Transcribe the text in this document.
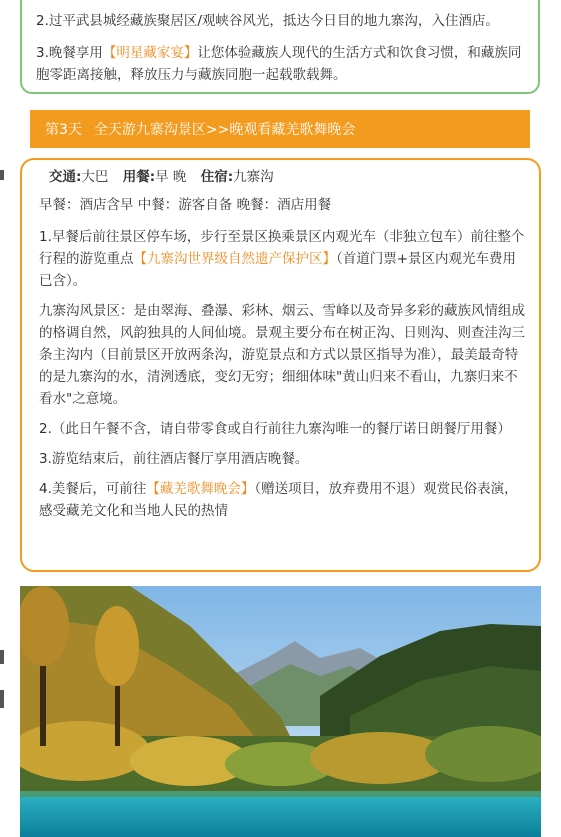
2.过平武县城经藏族聚居区/观峡谷风光，抵达今日目的地九寨沟，入住酒店。

3.晚餐享用【明星藏家宴】让您体验藏族人现代的生活方式和饮食习惯，和藏族同胞零距离接触，释放压力与藏族同胞一起载歌载舞。

第3天 全天游九寨沟景区>>晚观看藏羌歌舞晚会
交通:大巴 用餐:早 晚 住宿:九寨沟
早餐：酒店含早 中餐：游客自备 晚餐：酒店用餐

1.早餐后前往景区停车场，步行至景区换乘景区内观光车（非独立包车）前往整个行程的游览重点【九寨沟世界级自然遗产保护区】（首道门票+景区内观光车费用已含）。

九寨沟风景区：是由翠海、叠瀑、彩林、烟云、雪峰以及奇异多彩的藏族风情组成的格调自然，风韵独具的人间仙境。景观主要分布在树正沟、日则沟、则查洼沟三条主沟内（目前景区开放两条沟，游览景点和方式以景区指导为准），最美最奇特的是九寨沟的水，清洌透底，变幻无穷；细细体味"黄山归来不看山，九寨归来不看水"之意境。

2.（此日午餐不含，请自带零食或自行前往九寨沟唯一的餐厅诺日朗餐厅用餐）

3.游览结束后，前往酒店餐厅享用酒店晚餐。

4.美餐后，可前往【藏羌歌舞晚会】（赠送项目，放弃费用不退）观赏民俗表演，感受藏羌文化和当地人民的热情
